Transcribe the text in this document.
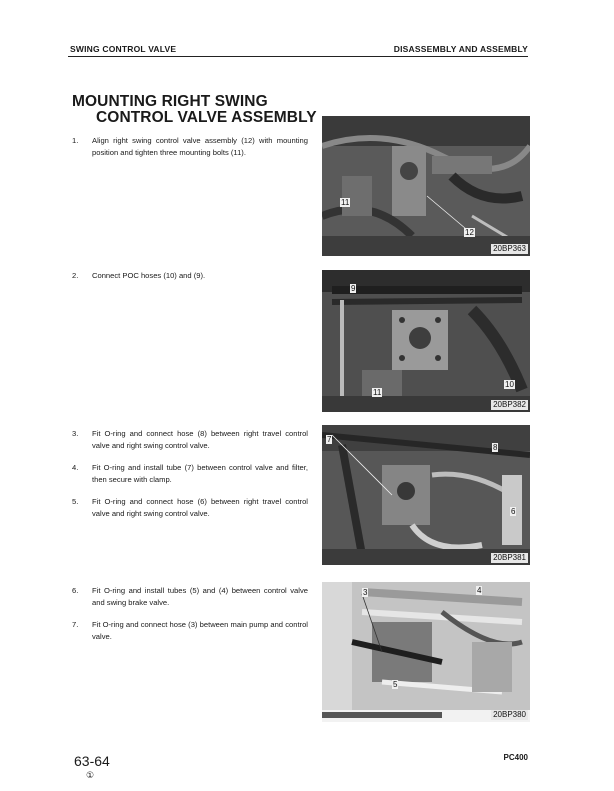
SWING CONTROL VALVE	DISASSEMBLY AND ASSEMBLY
MOUNTING RIGHT SWING
CONTROL VALVE ASSEMBLY
1.	Align right swing control valve assembly (12) with mounting position and tighten three mounting bolts (11).
2.	Connect POC hoses (10) and (9).
3.	Fit O-ring and connect hose (8) between right travel control valve and right swing control valve.
4.	Fit O-ring and install tube (7) between control valve and filter, then secure with clamp.
5.	Fit O-ring and connect hose (6) between right travel control valve and right swing control valve.
6.	Fit O-ring and install tubes (5) and (4) between control valve and swing brake valve.
7.	Fit O-ring and connect hose (3) between main pump and control valve.
11
12
20BP363
9
10
11
20BP382
7
8
6
20BP381
3	4
5
20BP380
63-64
①
PC400
